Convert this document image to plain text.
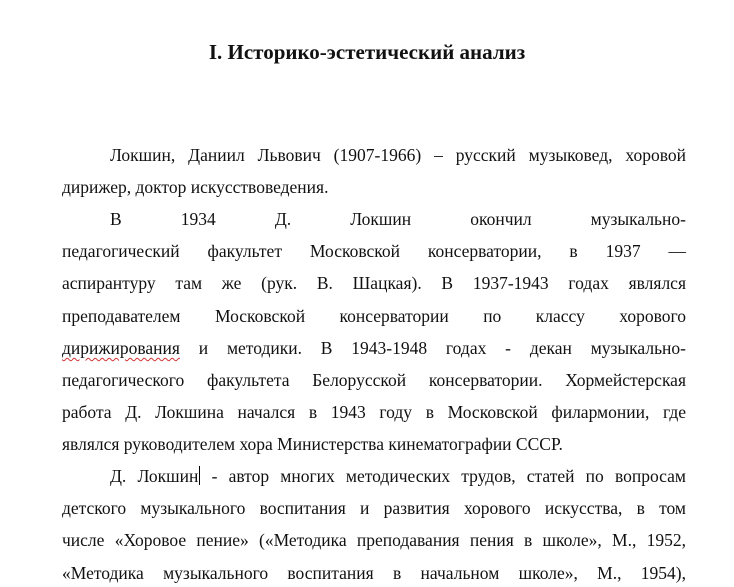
I. Историко-эстетический анализ
Локшин, Даниил Львович (1907-1966) – русский музыковед, хоровой
дирижер, доктор искусствоведения.
В 1934 Д. Локшин окончил музыкально-
педагогический факультет Московской консерватории, в 1937 —
аспирантуру там же (рук. В. Шацкая). В 1937-1943 годах являлся
преподавателем Московской консерватории по классу хорового
дирижирования и методики. В 1943-1948 годах - декан музыкально-
педагогического факультета Белорусской консерватории. Хормейстерская
работа Д. Локшина начался в 1943 году в Московской филармонии, где
являлся руководителем хора Министерства кинематографии СССР.
Д. Локшин - автор многих методических трудов, статей по вопросам
детского музыкального воспитания и развития хорового искусства, в том
числе «Хоровое пение» («Методика преподавания пения в школе», М., 1952,
«Методика музыкального воспитания в начальном школе», М., 1954),
